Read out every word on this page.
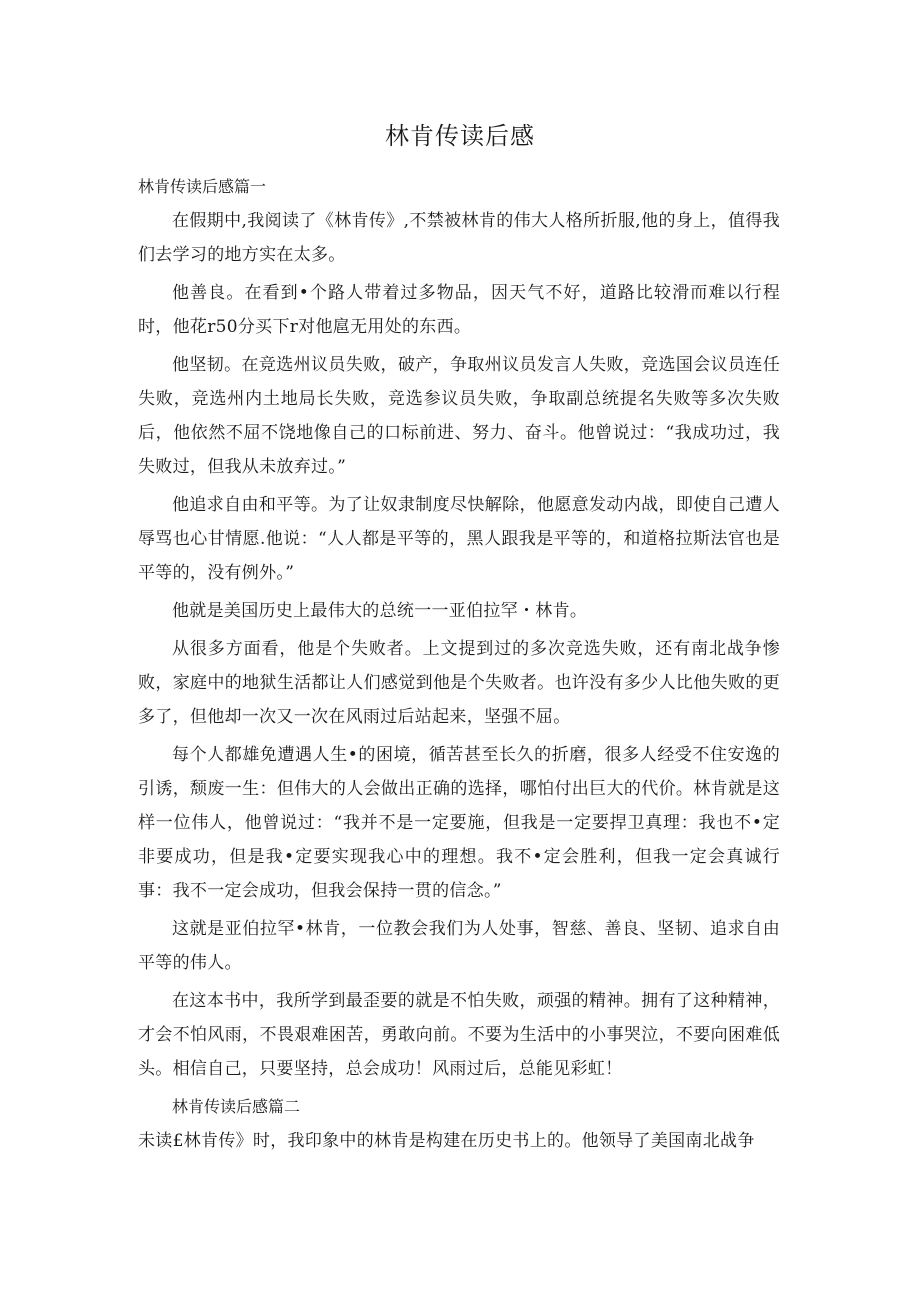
林肯传读后感

林肯传读后感篇一

在假期中,我阅读了《林肯传》,不禁被林肯的伟大人格所折服,他的身上，值得我们去学习的地方实在太多。

他善良。在看到•个路人带着过多物品，因天气不好，道路比较滑而难以行程时，他花r50分买下r对他扈无用处的东西。

他坚韧。在竞选州议员失败，破产，争取州议员发言人失败，竞选国会议员连任失败，竞选州内土地局长失败，竞选参议员失败，争取副总统提名失败等多次失败后，他依然不屈不饶地像自己的口标前进、努力、奋斗。他曾说过：“我成功过，我失败过，但我从未放弃过。”

他追求自由和平等。为了让奴隶制度尽快解除，他愿意发动内战，即使自己遭人辱骂也心甘情愿.他说：“人人都是平等的，黑人跟我是平等的，和道格拉斯法官也是平等的，没有例外。”

他就是美国历史上最伟大的总统一一亚伯拉罕・林肯。

从很多方面看，他是个失败者。上文提到过的多次竞选失败，还有南北战争惨败，家庭中的地狱生活都让人们感觉到他是个失败者。也许没有多少人比他失败的更多了，但他却一次又一次在风雨过后站起来，坚强不屈。

每个人都雄免遭遇人生•的困境，循苦甚至长久的折磨，很多人经受不住安逸的引诱，颓废一生：但伟大的人会做出正确的选择，哪怕付出巨大的代价。林肯就是这样一位伟人，他曾说过：“我并不是一定要施，但我是一定要捍卫真理：我也不•定非要成功，但是我•定要实现我心中的理想。我不•定会胜利，但我一定会真诚行事：我不一定会成功，但我会保持一贯的信念。”

这就是亚伯拉罕•林肯，一位教会我们为人处事，智慈、善良、坚韧、追求自由平等的伟人。

在这本书中，我所学到最歪要的就是不怕失败，顽强的精神。拥有了这种精神，才会不怕风雨，不畏艰难困苦，勇敢向前。不要为生活中的小事哭泣，不要向困难低头。相信自己，只要坚持，总会成功！风雨过后，总能见彩虹！

林肯传读后感篇二

未读£林肯传》时，我印象中的林肯是构建在历史书上的。他领导了美国南北战争
